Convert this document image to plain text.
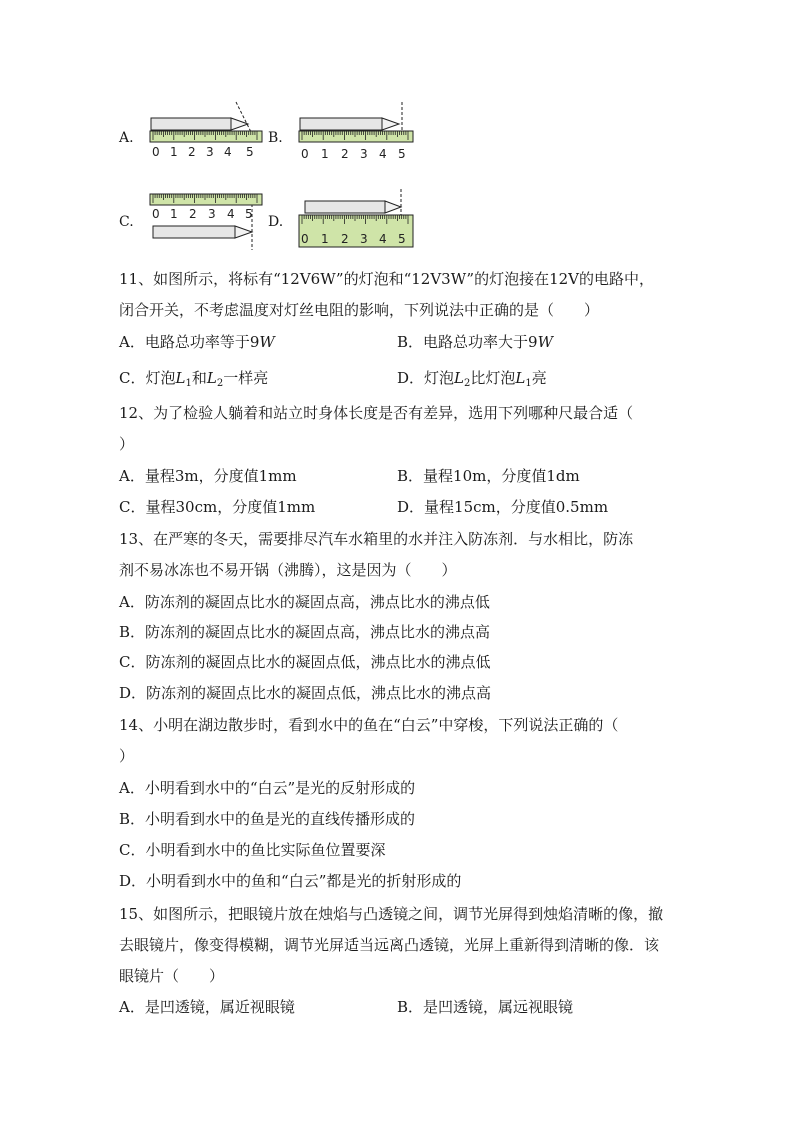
A.	B.
C.	D.
0 1 2 3 4 5	0 1 2 3 4 5
0 1 2 3 4 5
0 1 2 3 4 5
11、如图所示，将标有“12V6W”的灯泡和“12V3W”的灯泡接在12V的电路中，
闭合开关，不考虑温度对灯丝电阻的影响，下列说法中正确的是（　　）
A．电路总功率等于9W	B．电路总功率大于9W
C．灯泡$L_1$和$L_2$一样亮	D．灯泡$L_2$比灯泡$L_1$亮
12、为了检验人躺着和站立时身体长度是否有差异，选用下列哪种尺最合适（
）
A．量程3m，分度值1mm	B．量程10m，分度值1dm
C．量程30cm，分度值1mm	D．量程15cm，分度值0.5mm
13、在严寒的冬天，需要排尽汽车水箱里的水并注入防冻剂．与水相比，防冻
剂不易冰冻也不易开锅（沸腾），这是因为（　　）
A．防冻剂的凝固点比水的凝固点高，沸点比水的沸点低
B．防冻剂的凝固点比水的凝固点高，沸点比水的沸点高
C．防冻剂的凝固点比水的凝固点低，沸点比水的沸点低
D．防冻剂的凝固点比水的凝固点低，沸点比水的沸点高
14、小明在湖边散步时，看到水中的鱼在“白云”中穿梭，下列说法正确的（
）
A．小明看到水中的“白云”是光的反射形成的
B．小明看到水中的鱼是光的直线传播形成的
C．小明看到水中的鱼比实际鱼位置要深
D．小明看到水中的鱼和“白云”都是光的折射形成的
15、如图所示，把眼镜片放在烛焰与凸透镜之间，调节光屏得到烛焰清晰的像，撤
去眼镜片，像变得模糊，调节光屏适当远离凸透镜，光屏上重新得到清晰的像．该
眼镜片（　　）
A．是凹透镜，属近视眼镜	B．是凹透镜，属远视眼镜
